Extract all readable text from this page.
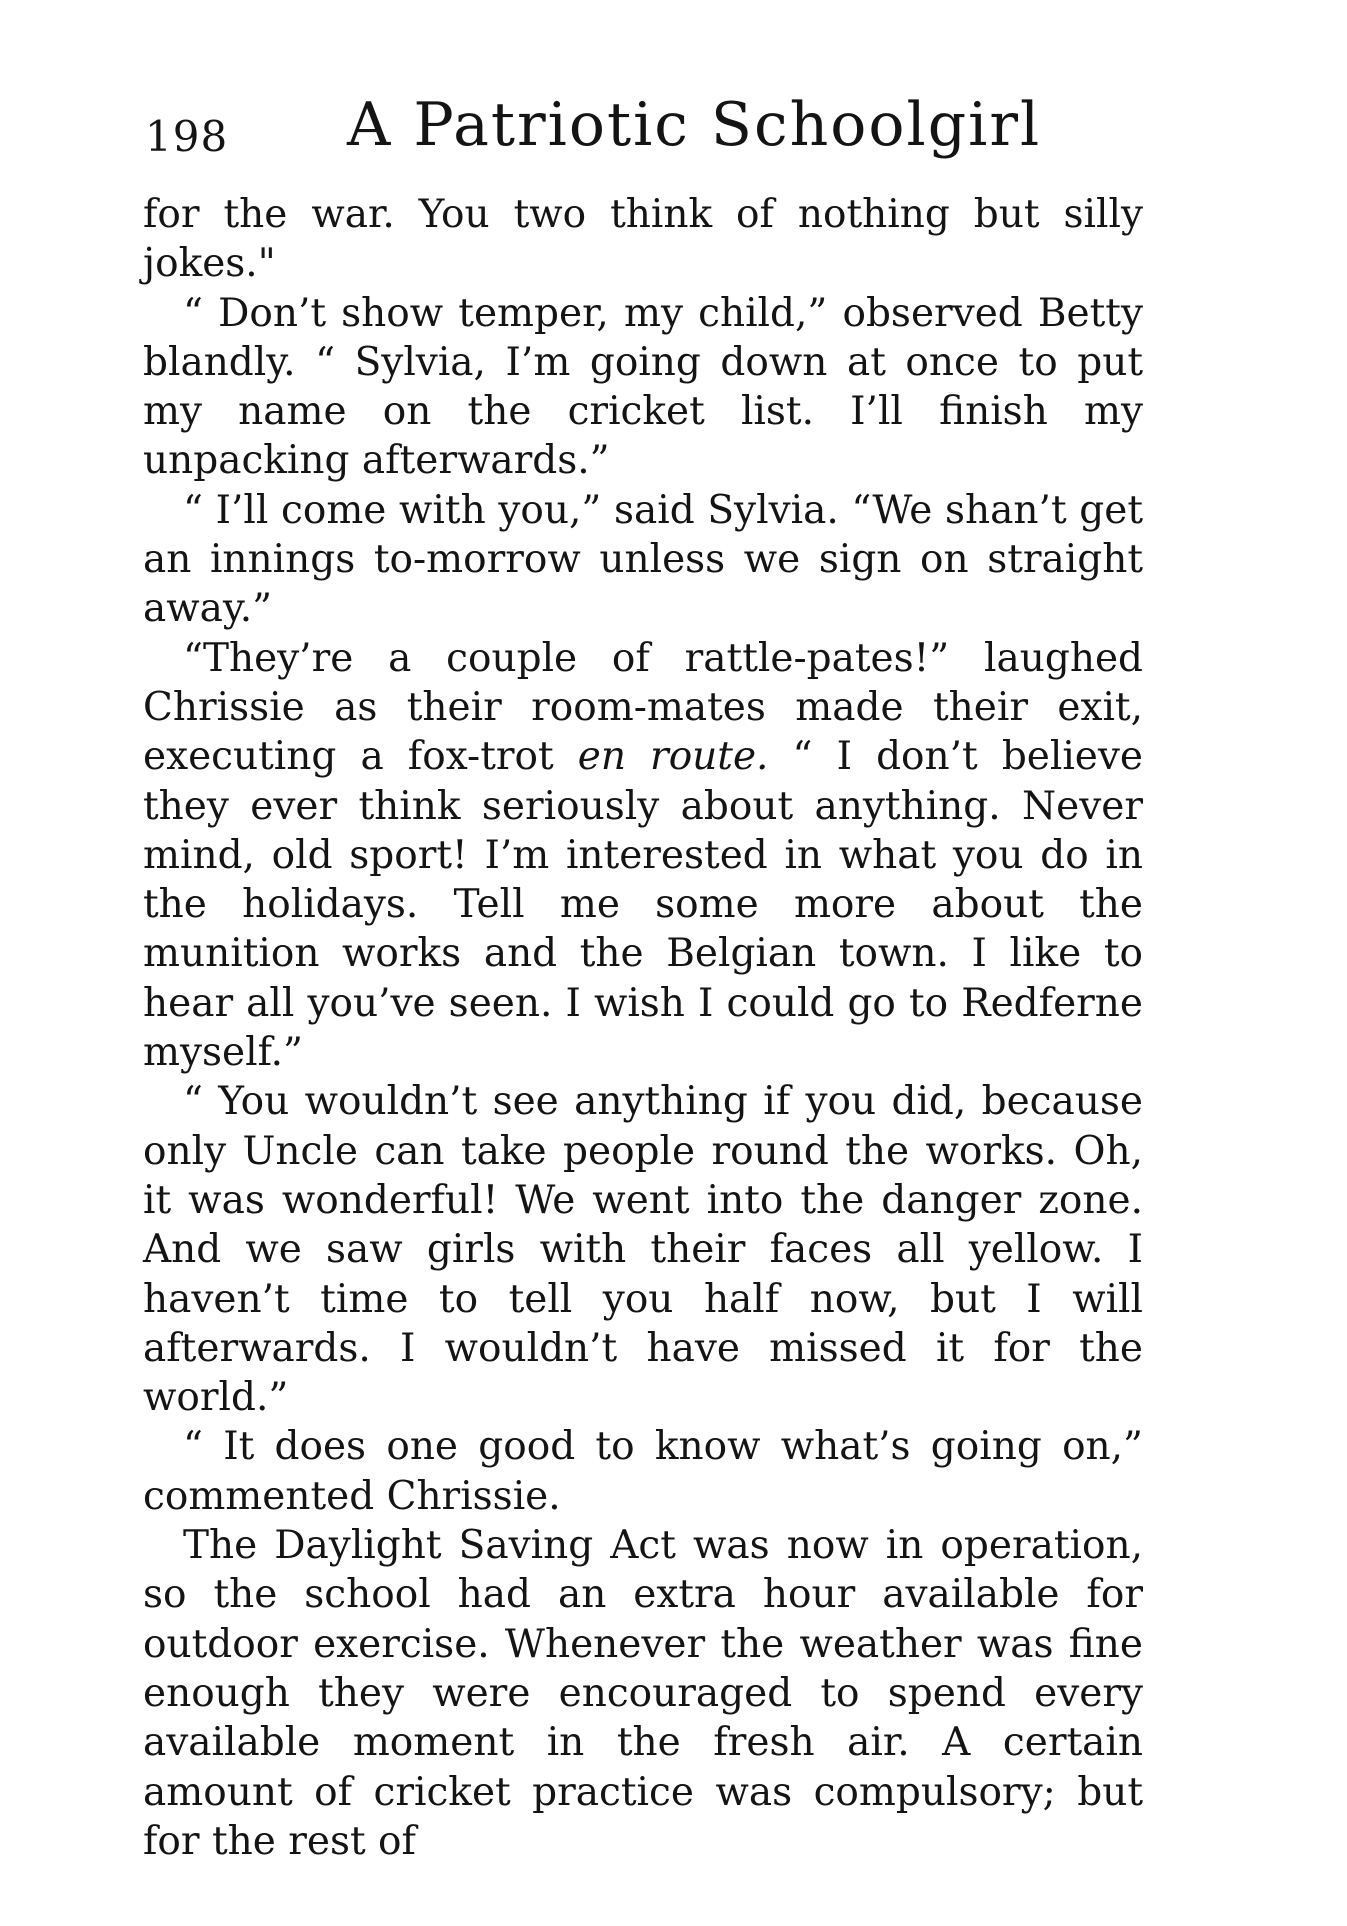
198 A Patriotic Schoolgirl

for the war. You two think of nothing but silly jokes."

“ Don’t show temper, my child,” observed Betty blandly. “ Sylvia, I’m going down at once to put my name on the cricket list. I’ll finish my unpacking afterwards.”

“ I’ll come with you,” said Sylvia. “We shan’t get an innings to-morrow unless we sign on straight away.”

“They’re a couple of rattle-pates!” laughed Chrissie as their room-mates made their exit, executing a fox-trot en route. “ I don’t believe they ever think seriously about anything. Never mind, old sport! I’m interested in what you do in the holidays. Tell me some more about the munition works and the Belgian town. I like to hear all you’ve seen. I wish I could go to Redferne myself.”

“ You wouldn’t see anything if you did, because only Uncle can take people round the works. Oh, it was wonderful! We went into the danger zone. And we saw girls with their faces all yellow. I haven’t time to tell you half now, but I will afterwards. I wouldn’t have missed it for the world.”

“ It does one good to know what’s going on,” commented Chrissie.

The Daylight Saving Act was now in operation, so the school had an extra hour available for outdoor exercise. Whenever the weather was fine enough they were encouraged to spend every available moment in the fresh air. A certain amount of cricket practice was compulsory; but for the rest of
